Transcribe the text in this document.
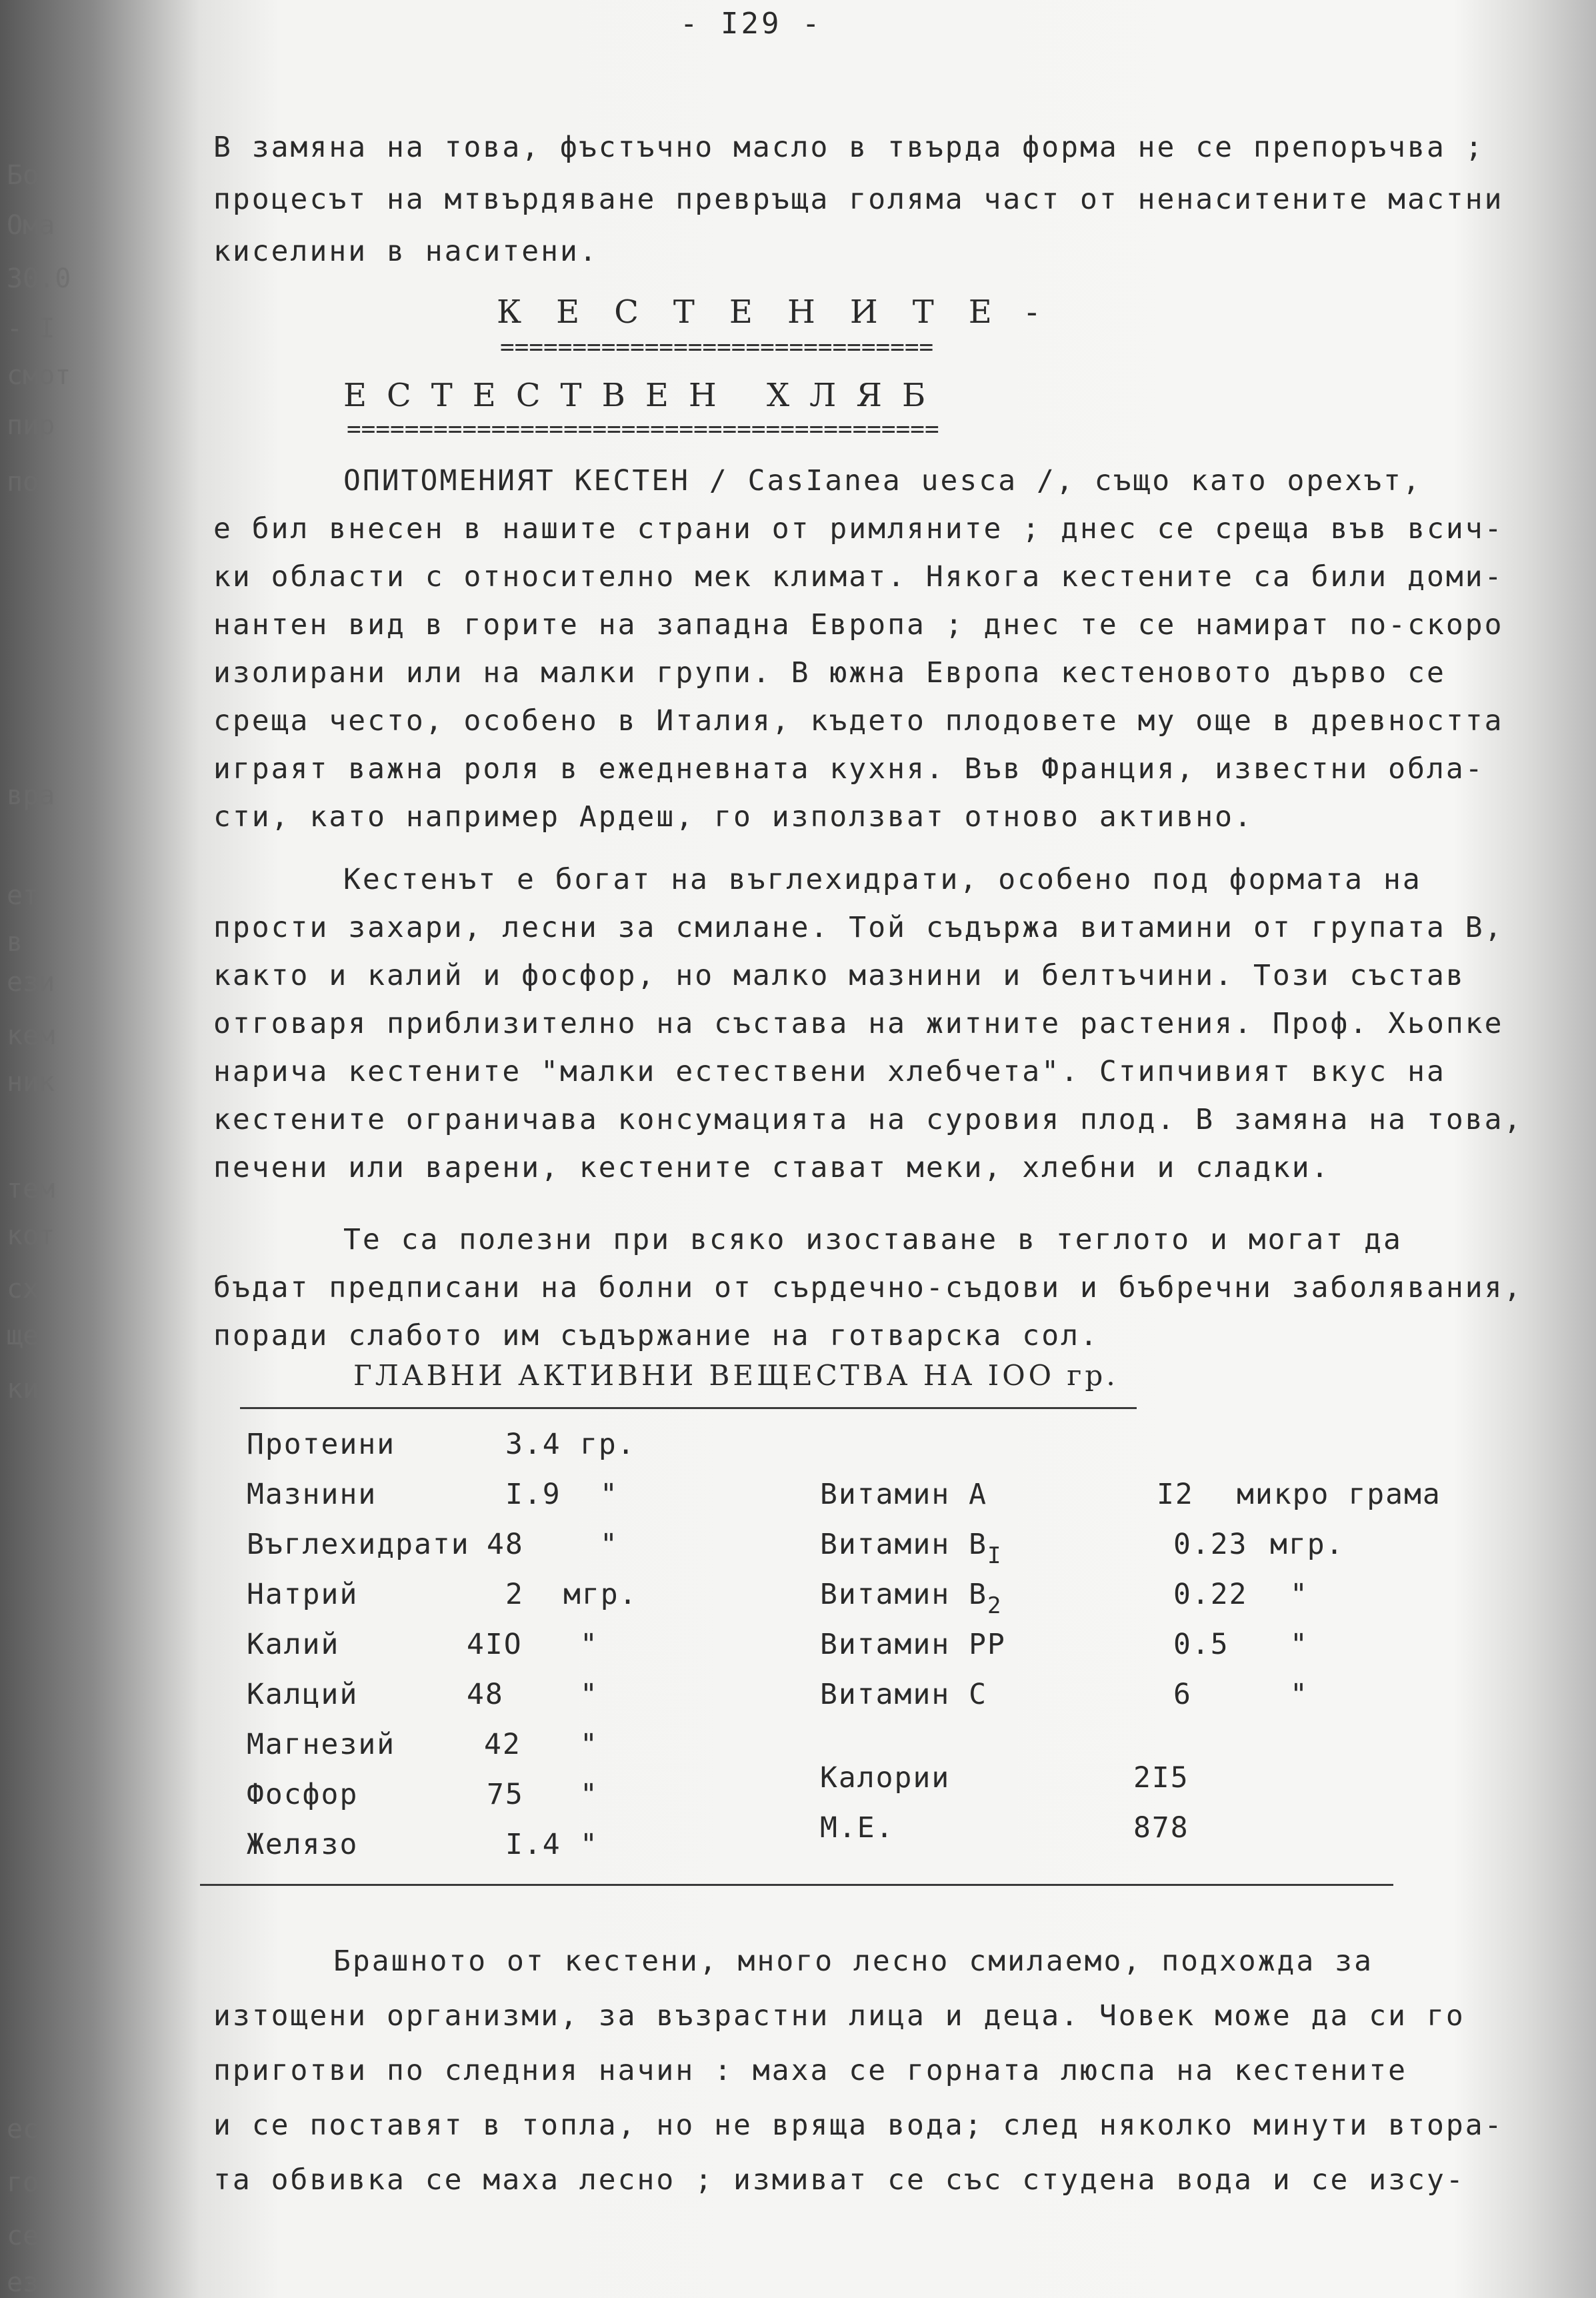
Бо
Ома
30.0
- I
смот
пир
по
вра
ет
в
ези
кем
ник
тем
кот
сх
ще
ки
ес
го
се
ез
- I29 -
В замяна на това, фъстъчно масло в твърда форма не се препоръчва ;
процесът на мтвърдяване превръща голяма част от ненаситените мастни
киселини в наситени.
КЕСТЕНИТЕ-
==============================
ЕСТЕСТВЕН ХЛЯБ
=========================================
ОПИТОМЕНИЯТ КЕСТЕН / CasIanea uesca /, също като орехът,
е бил внесен в нашите страни от римляните ; днес се среща във всич-
ки области с относително мек климат. Някога кестените са били доми-
нантен вид в горите на западна Европа ; днес те се намират по-скоро
изолирани или на малки групи. В южна Европа кестеновото дърво се
среща често, особено в Италия, където плодовете му още в древността
играят важна роля в ежедневната кухня. Във Франция, известни обла-
сти, като например Ардеш, го използват отново активно.
Кестенът е богат на въглехидрати, особено под формата на
прости захари, лесни за смилане. Той съдържа витамини от групата В,
както и калий и фосфор, но малко мазнини и белтъчини. Този състав
отговаря приблизително на състава на житните растения. Проф. Хьопке
нарича кестените "малки естествени хлебчета". Стипчивият вкус на
кестените ограничава консумацията на суровия плод. В замяна на това,
печени или варени, кестените стават меки, хлебни и сладки.
Те са полезни при всяко изоставане в теглото и могат да
бъдат предписани на болни от сърдечно-съдови и бъбречни заболявания,
поради слабото им съдържание на готварска сол.
ГЛАВНИ АКТИВНИ ВЕЩЕСТВА НА IOO гр.
Протеини	3.4 гр.
Мазнини	I.9 "
Въглехидрати 48	"
Натрий	2 мгр.
Калий	4IO "
Калций	48	"
Магнезий	42 "
Фосфор	75 "
Желязо	I.4 "
Витамин А	I2 микро грама
Витамин $В_I$	0.23 мгр.
Витамин $В_2$	0.22 "
Витамин РР	0.5 "
Витамин С	6	"
Калории	2I5
М.Е.	878
Брашното от кестени, много лесно смилаемо, подхожда за
изтощени организми, за възрастни лица и деца. Човек може да си го
приготви по следния начин : маха се горната люспа на кестените
и се поставят в топла, но не вряща вода; след няколко минути втора-
та обвивка се маха лесно ; измиват се със студена вода и се изсу-
